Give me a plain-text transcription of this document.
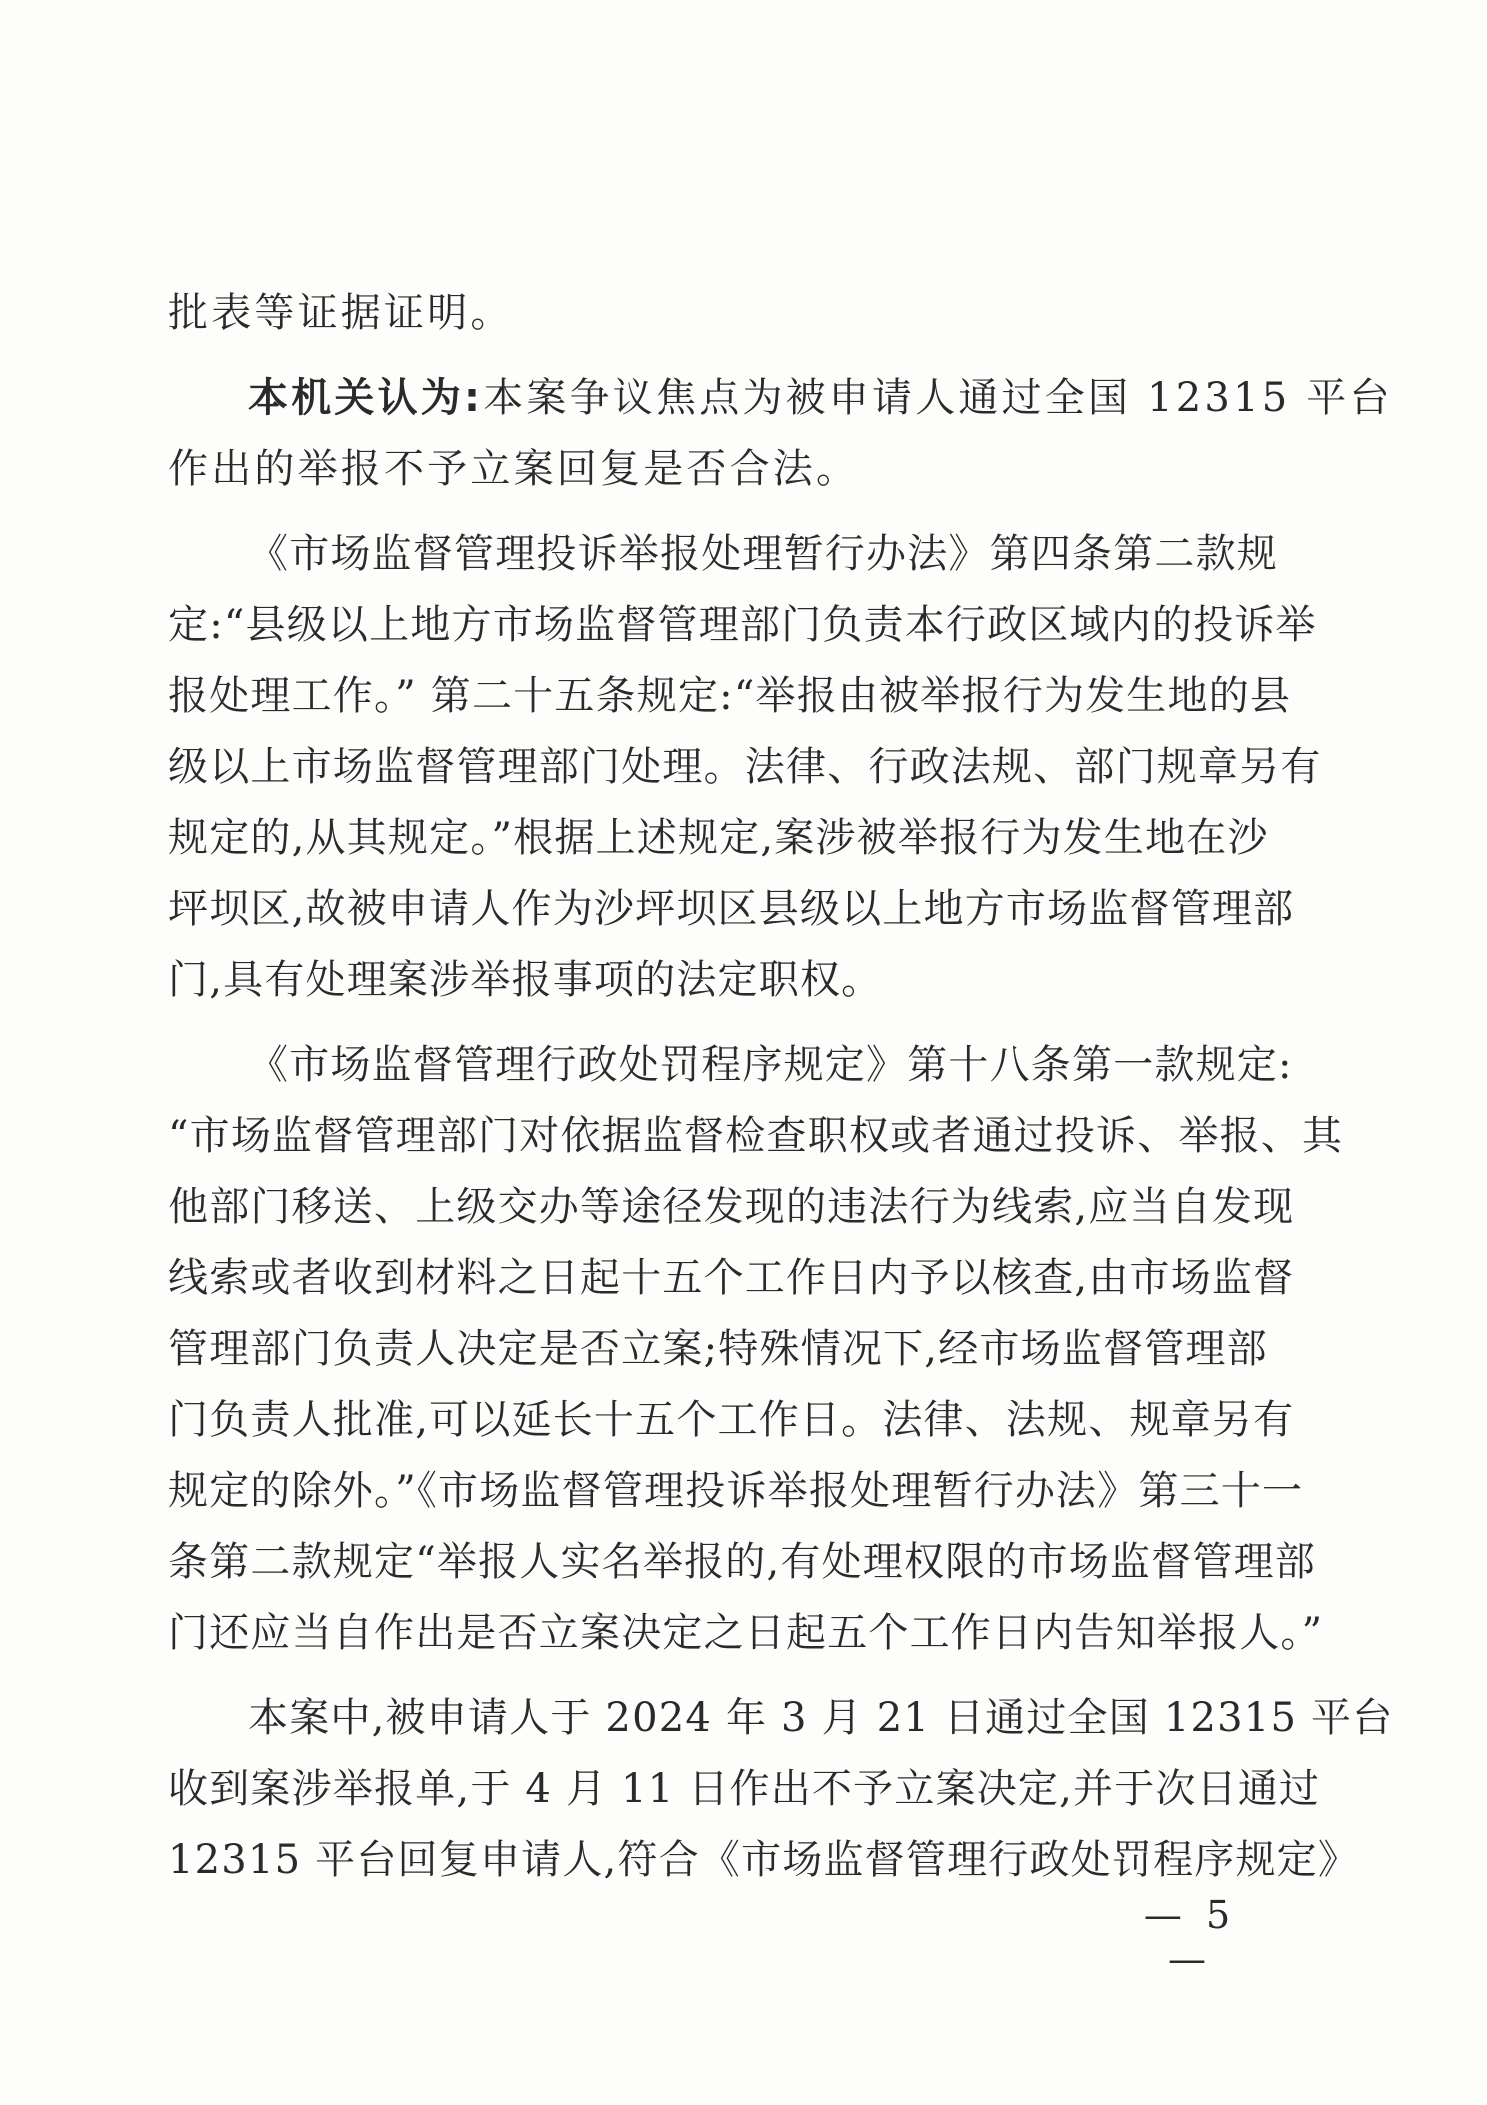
批表等证据证明。
本机关认为:本案争议焦点为被申请人通过全国 12315 平台
作出的举报不予立案回复是否合法。
《市场监督管理投诉举报处理暂行办法》第四条第二款规
定:“县级以上地方市场监督管理部门负责本行政区域内的投诉举
报处理工作。” 第二十五条规定:“举报由被举报行为发生地的县
级以上市场监督管理部门处理。法律、行政法规、部门规章另有
规定的,从其规定。”根据上述规定,案涉被举报行为发生地在沙
坪坝区,故被申请人作为沙坪坝区县级以上地方市场监督管理部
门,具有处理案涉举报事项的法定职权。
《市场监督管理行政处罚程序规定》第十八条第一款规定:
“市场监督管理部门对依据监督检查职权或者通过投诉、举报、其
他部门移送、上级交办等途径发现的违法行为线索,应当自发现
线索或者收到材料之日起十五个工作日内予以核查,由市场监督
管理部门负责人决定是否立案;特殊情况下,经市场监督管理部
门负责人批准,可以延长十五个工作日。法律、法规、规章另有
规定的除外。”《市场监督管理投诉举报处理暂行办法》第三十一
条第二款规定“举报人实名举报的,有处理权限的市场监督管理部
门还应当自作出是否立案决定之日起五个工作日内告知举报人。”
本案中,被申请人于 2024 年 3 月 21 日通过全国 12315 平台
收到案涉举报单,于 4 月 11 日作出不予立案决定,并于次日通过
12315 平台回复申请人,符合《市场监督管理行政处罚程序规定》
— 5 —
